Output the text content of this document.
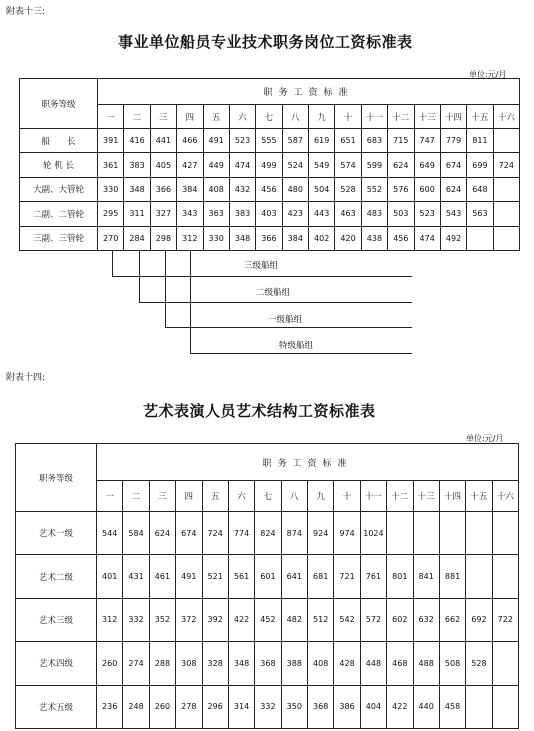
附表十三:
事业单位船员专业技术职务岗位工资标准表
单位:元/月
职务等级	职务工资标准															
	一	二	三	四	五	六	七	八	九	十	十一	十二	十三	十四	十五	十六
船　　长	391	416	441	466	491	523	555	587	619	651	683	715	747	779	811	
轮 机 长	361	383	405	427	449	474	499	524	549	574	599	624	649	674	699	724
大副、大管轮	330	348	366	384	408	432	456	480	504	528	552	576	600	624	648	
二副、二管轮	295	311	327	343	363	383	403	423	443	463	483	503	523	543	563	
三副、三管轮	270	284	298	312	330	348	366	384	402	420	438	456	474	492		
三级船组
二级船组
一级船组
特级船组
附表十四:
艺术表演人员艺术结构工资标准表
单位:元/月
职务等级	职务工资标准															
	一	二	三	四	五	六	七	八	九	十	十一	十二	十三	十四	十五	十六
艺术一级	544	584	624	674	724	774	824	874	924	974	1024					
艺术二级	401	431	461	491	521	561	601	641	681	721	761	801	841	881		
艺术三级	312	332	352	372	392	422	452	482	512	542	572	602	632	662	692	722
艺术四级	260	274	288	308	328	348	368	388	408	428	448	468	488	508	528	
艺术五级	236	248	260	278	296	314	332	350	368	386	404	422	440	458		
